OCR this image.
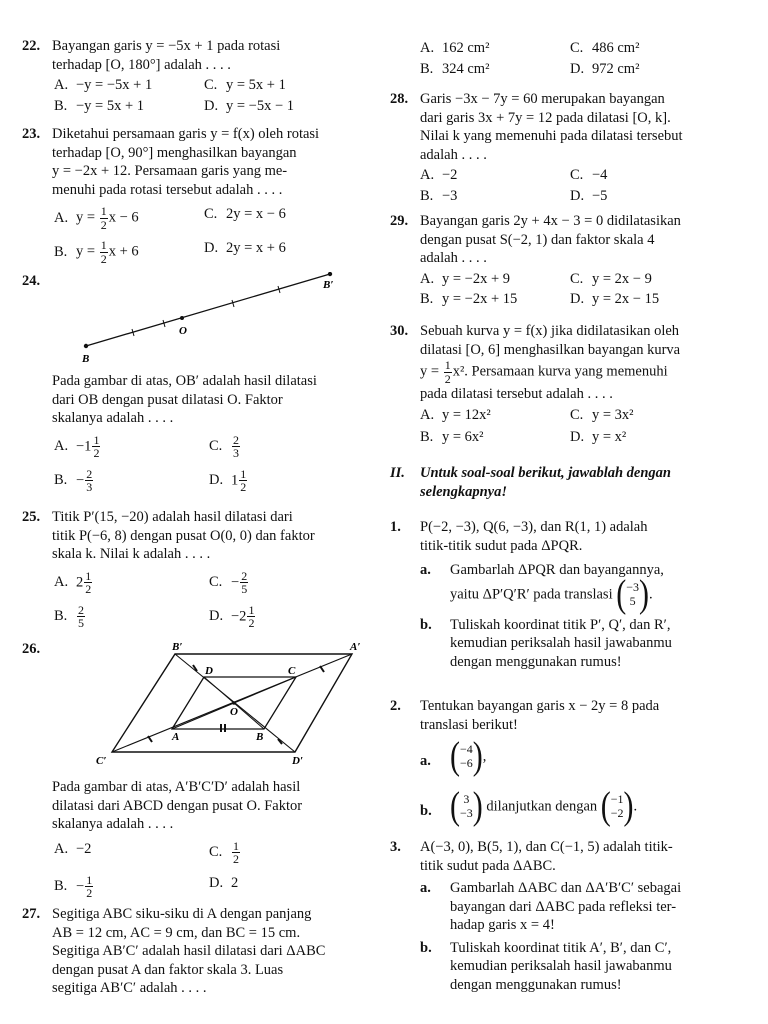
22. Bayangan garis y = −5x + 1 pada rotasi
terhadap [O, 180°] adalah . . . .
A. −y = −5x + 1	C. y = 5x + 1
B. −y = 5x + 1	D. y = −5x − 1
23. Diketahui persamaan garis y = f(x) oleh rotasi
terhadap [O, 90°] menghasilkan bayangan
y = −2x + 12. Persamaan garis yang me-
menuhi pada rotasi tersebut adalah . . . .
A. $y = \frac{1}{2}$ x − 6	C. 2y = x − 6
B. $y = \frac{1}{2}$ x + 6	D. 2y = x + 6
24.
B
O
B′
Pada gambar di atas, OB′ adalah hasil dilatasi
dari OB dengan pusat dilatasi O. Faktor
skalanya adalah . . . .
A. $-1 \frac{1}{2}$	C. $\frac{2}{3}$
B. − $\frac{2}{3}$	D. $1 \frac{1}{2}$
25. Titik P′(15, −20) adalah hasil dilatasi dari
titik P(−6, 8) dengan pusat O(0, 0) dan faktor
skala k. Nilai k adalah . . . .
A. $2 \frac{1}{2}$	C. − $\frac{2}{5}$
B. $\frac{2}{5}$	D. $-2 \frac{1}{2}$
26.	B′	A′
C′	D′
D	C
A	B
O
Pada gambar di atas, A′B′C′D′ adalah hasil
dilatasi dari ABCD dengan pusat O. Faktor
skalanya adalah . . . .
A. −2	C. $\frac{1}{2}$
B. − $\frac{1}{2}$	D. 2
27. Segitiga ABC siku-siku di A dengan panjang
AB = 12 cm, AC = 9 cm, dan BC = 15 cm.
Segitiga AB′C′ adalah hasil dilatasi dari ΔABC
dengan pusat A dan faktor skala 3. Luas
segitiga AB′C′ adalah . . . .
A. 162 cm²	C. 486 cm²
B. 324 cm²	D. 972 cm²
28. Garis −3x − 7y = 60 merupakan bayangan
dari garis 3x + 7y = 12 pada dilatasi [O, k].
Nilai k yang memenuhi pada dilatasi tersebut
adalah . . . .
A. −2	C. −4
B. −3	D. −5
29. Bayangan garis 2y + 4x − 3 = 0 didilatasikan
dengan pusat S(−2, 1) dan faktor skala 4
adalah . . . .
A. y = −2x + 9	C. y = 2x − 9
B. y = −2x + 15	D. y = 2x − 15
30. Sebuah kurva y = f(x) jika didilatasikan oleh
dilatasi [O, 6] menghasilkan bayangan kurva
$y = \frac{1}{2} x^2$. Persamaan kurva yang memenuhi
pada dilatasi tersebut adalah . . . .
A. y = 12x²	C. y = 3x²
B. y = 6x²	D. y = x²
II. Untuk soal-soal berikut, jawablah dengan
selengkapnya!
1. P(−2, −3), Q(6, −3), dan R(1, 1) adalah
titik-titik sudut pada ΔPQR.
a. Gambarlah ΔPQR dan bayangannya,
yaitu ΔP′Q′R′ pada translasi ( −3
5 ) .
b. Tuliskah koordinat titik P′, Q′, dan R′,
kemudian periksalah hasil jawabanmu
dengan menggunakan rumus!
2. Tentukan bayangan garis x − 2y = 8 pada
translasi berikut!
a. ( −4
−6 ) ,
b. ( 3
−3 ) dilanjutkan dengan ( −1
−2 ) .
3. A(−3, 0), B(5, 1), dan C(−1, 5) adalah titik-
titik sudut pada ΔABC.
a. Gambarlah ΔABC dan ΔA′B′C′ sebagai
bayangan dari ΔABC pada refleksi ter-
hadap garis x = 4!
b. Tuliskah koordinat titik A′, B′, dan C′,
kemudian periksalah hasil jawabanmu
dengan menggunakan rumus!
